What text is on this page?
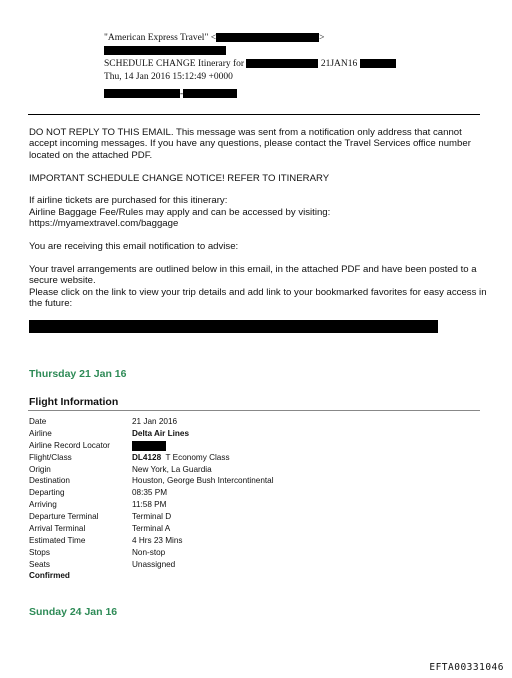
"American Express Travel" <	>
SCHEDULE CHANGE Itinerary for	21JAN16
Thu, 14 Jan 2016 15:12:49 +0000
-

DO NOT REPLY TO THIS EMAIL. This message was sent from a notification only address that cannot accept incoming messages. If you have any questions, please contact the Travel Services office number located on the attached PDF.

IMPORTANT SCHEDULE CHANGE NOTICE! REFER TO ITINERARY

If airline tickets are purchased for this itinerary:
Airline Baggage Fee/Rules may apply and can be accessed by visiting:
https://myamextravel.com/baggage

You are receiving this email notification to advise:

Your travel arrangements are outlined below in this email, in the attached PDF and have been posted to a secure website.
Please click on the link to view your trip details and add link to your bookmarked favorites for easy access in the future:

Thursday 21 Jan 16
Flight Information
Date	21 Jan 2016
Airline	Delta Air Lines
Airline Record Locator
Flight/Class	DL4128 T Economy Class
Origin	New York, La Guardia
Destination	Houston, George Bush Intercontinental
Departing	08:35 PM
Arriving	11:58 PM
Departure Terminal	Terminal D
Arrival Terminal	Terminal A
Estimated Time	4 Hrs 23 Mins
Stops	Non-stop
Seats	Unassigned
Confirmed
Sunday 24 Jan 16
EFTA00331046
